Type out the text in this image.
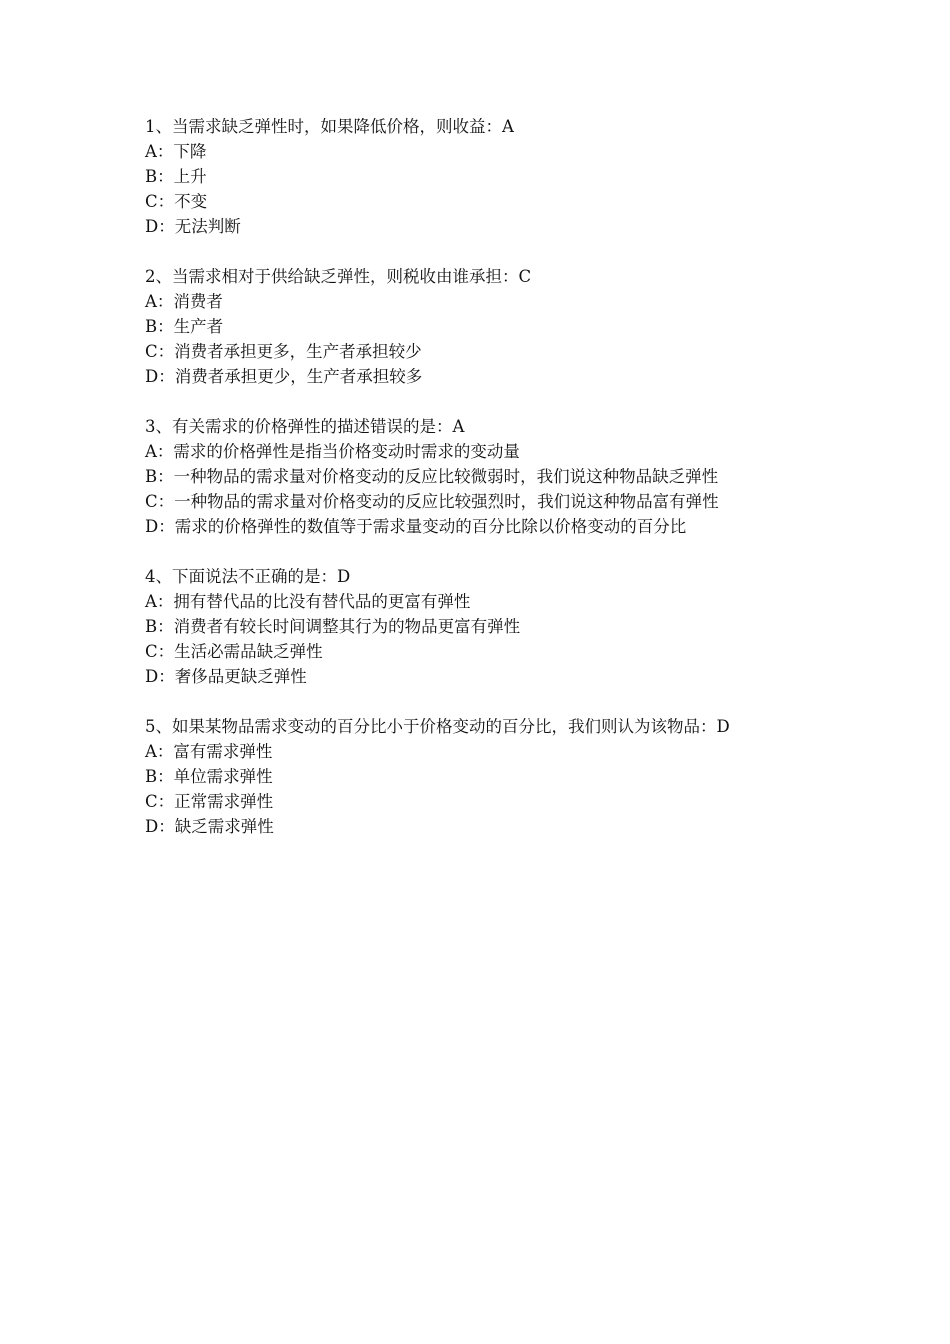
1、当需求缺乏弹性时，如果降低价格，则收益：A
A：下降
B：上升
C：不变
D：无法判断
2、当需求相对于供给缺乏弹性，则税收由谁承担：C
A：消费者
B：生产者
C：消费者承担更多，生产者承担较少
D：消费者承担更少，生产者承担较多
3、有关需求的价格弹性的描述错误的是：A
A：需求的价格弹性是指当价格变动时需求的变动量
B：一种物品的需求量对价格变动的反应比较微弱时，我们说这种物品缺乏弹性
C：一种物品的需求量对价格变动的反应比较强烈时，我们说这种物品富有弹性
D：需求的价格弹性的数值等于需求量变动的百分比除以价格变动的百分比
4、下面说法不正确的是：D
A：拥有替代品的比没有替代品的更富有弹性
B：消费者有较长时间调整其行为的物品更富有弹性
C：生活必需品缺乏弹性
D：奢侈品更缺乏弹性
5、如果某物品需求变动的百分比小于价格变动的百分比，我们则认为该物品：D
A：富有需求弹性
B：单位需求弹性
C：正常需求弹性
D：缺乏需求弹性
